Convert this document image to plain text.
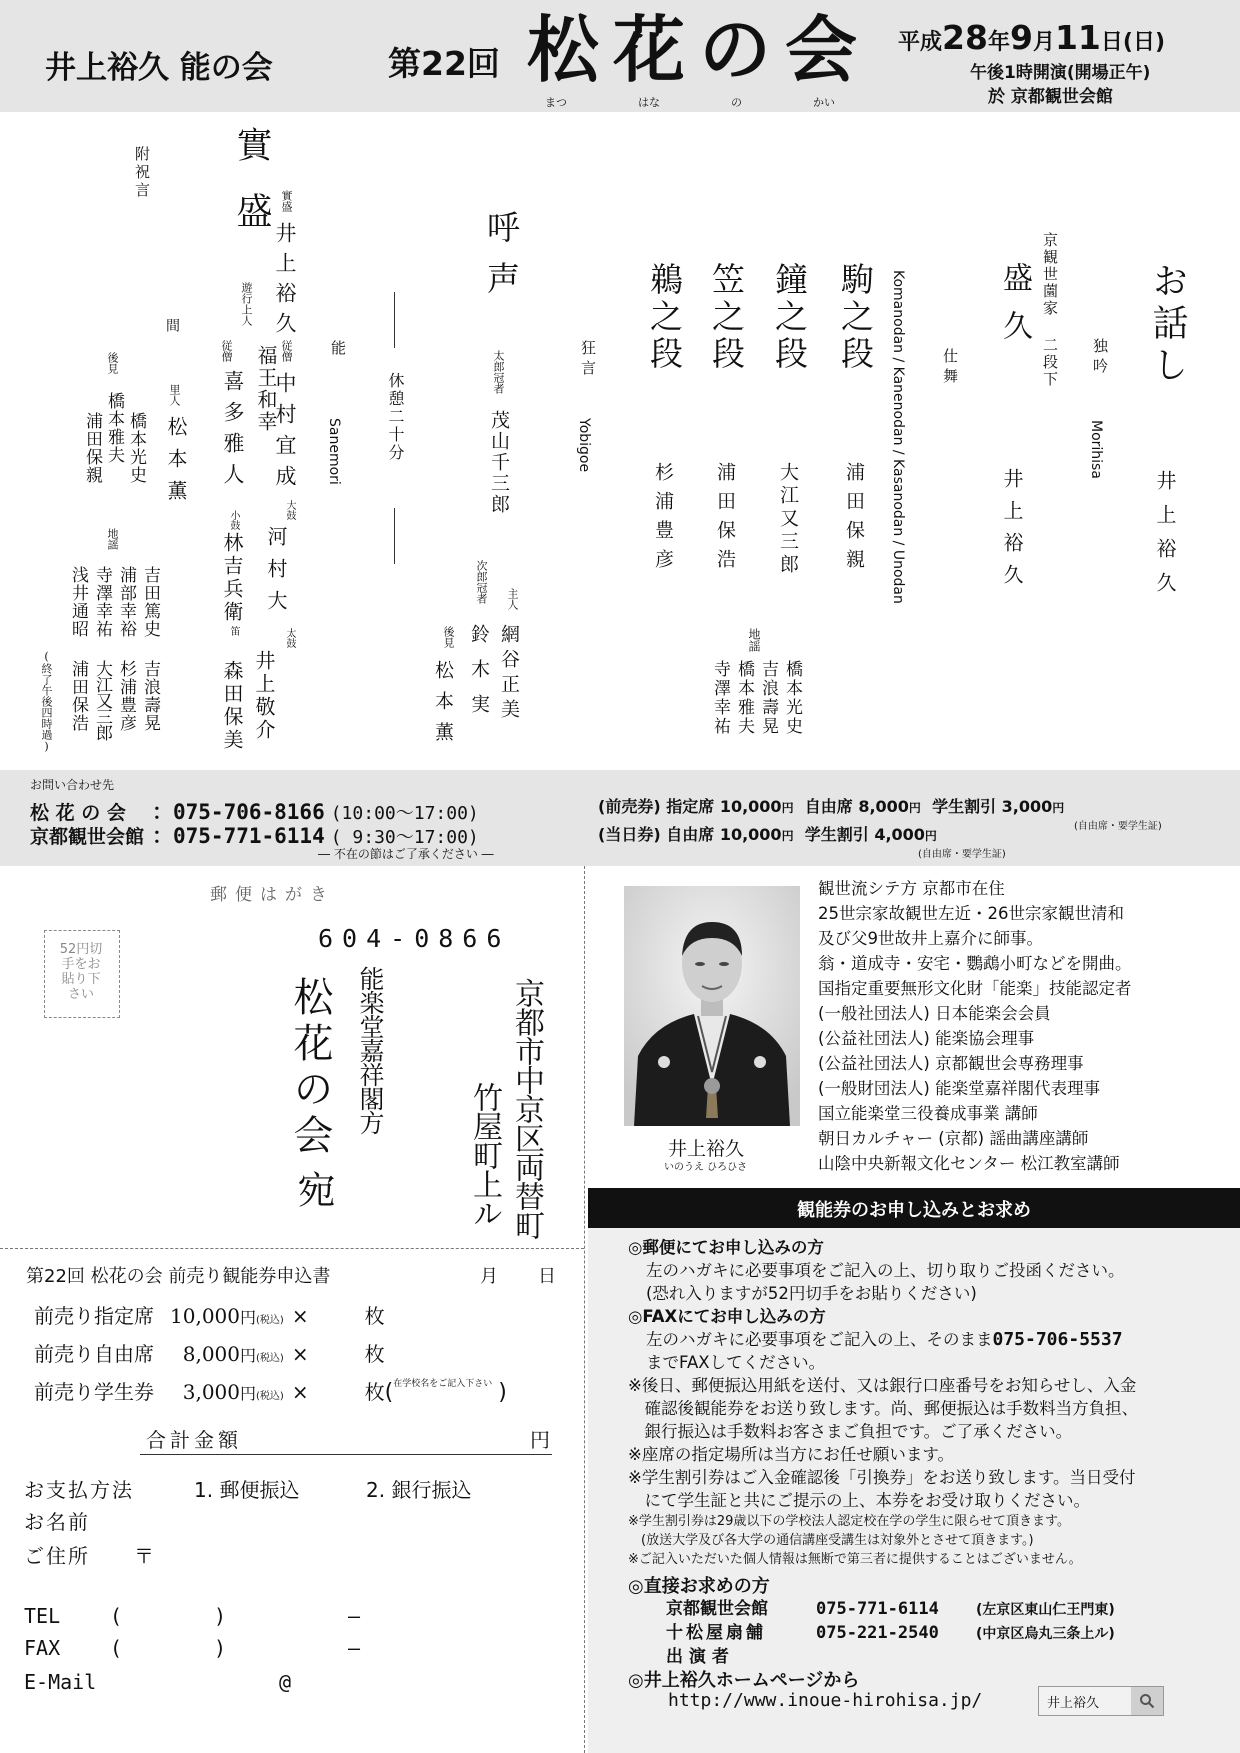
井上裕久 能の会	第22回 松花の会
まつ	はな	の	かい
平成28年9月11日(日)
午後1時開演(開場正午)
於 京都観世会館
お話し
井上裕久
独吟
Morihisa
京観世薗家 二段下
盛久
井上裕久
仕舞
Komanodan / Kanenodan / Kasanodan / Unodan
駒之段
浦田保親
鐘之段
大江又三郎
笠之段
浦田保浩
鵜之段
杉浦豊彦
地謡
橋本光史
吉浪壽晃
橋本雅夫
寺澤幸祐
狂言
Yobigoe
呼声
太郎冠者
茂山千三郎
主人
網谷正美
次郎冠者
鈴木実
後見
松本薫
休憩二十分
能
Sanemori
實盛 實盛
井上裕久
遊行上人
福王和幸 従僧
中村宜成
従僧
喜多雅人
大鼓
河村大
小鼓
林吉兵衛
太鼓
井上敬介
笛
森田保美
附祝言
間
里人
松本薫
後見
橋本光史
橋本雅夫
浦田保親
地謡
吉田篤史
吉浪壽晃
浦部幸裕
杉浦豊彦
寺澤幸祐
大江又三郎
浅井通昭
浦田保浩
(終了午後四時過)
お問い合わせ先
松 花 の 会 ：075-706-8166 (10:00～17:00)
京都観世会館 ：075-771-6114 ( 9:30～17:00)
― 不在の節はご了承ください ―
(前売券) 指定席 10,000円 自由席 8,000円 学生割引 3,000円
(自由席・要学生証)
(当日券) 自由席 10,000円 学生割引 4,000円
(自由席・要学生証)
郵便はがき
52円切手をお貼り下さい
604-0866
京都市中京区両替町
竹屋町上ル
能楽堂嘉祥閣方
松花の会
宛
第22回 松花の会 前売り観能券申込書	月 日
前売り指定席 10,000円(税込) ×	枚
前売り自由席 8,000円(税込) ×	枚
前売り学生券 3,000円(税込) ×	枚($^{在学校名をご記入下さい}$ )
合計金額	円
お支払方法	1. 郵便振込	2. 銀行振込
お名前
ご住所 〒
TEL (	)	―
FAX (	)	―
E-Mail	@
井上裕久
いのうえ ひろひさ
観世流シテ方 京都市在住
25世宗家故観世左近・26世宗家観世清和
及び父9世故井上嘉介に師事。
翁・道成寺・安宅・鸚鵡小町などを開曲。
国指定重要無形文化財「能楽」技能認定者
(一般社団法人) 日本能楽会会員
(公益社団法人) 能楽協会理事
(公益社団法人) 京都観世会専務理事
(一般財団法人) 能楽堂嘉祥閣代表理事
国立能楽堂三役養成事業 講師
朝日カルチャー (京都) 謡曲講座講師
山陰中央新報文化センター 松江教室講師
観能券のお申し込みとお求め
◎郵便にてお申し込みの方
左のハガキに必要事項をご記入の上、切り取りご投函ください。
(恐れ入りますが52円切手をお貼りください)
◎FAXにてお申し込みの方
左のハガキに必要事項をご記入の上、そのまま075-706-5537
までFAXしてください。
※後日、郵便振込用紙を送付、又は銀行口座番号をお知らせし、入金
　確認後観能券をお送り致します。尚、郵便振込は手数料当方負担、
　銀行振込は手数料お客さまご負担です。ご了承ください。
※座席の指定場所は当方にお任せ願います。
※学生割引券はご入金確認後「引換券」をお送り致します。当日受付
　にて学生証と共にご提示の上、本券をお受け取りください。
※学生割引券は29歳以下の学校法人認定校在学の学生に限らせて頂きます。
　(放送大学及び各大学の通信講座受講生は対象外とさせて頂きます。)
※ご記入いただいた個人情報は無断で第三者に提供することはございません。
◎直接お求めの方
京都観世会館	075-771-6114	(左京区東山仁王門東)
十松屋扇舗	075-221-2540	(中京区烏丸三条上ル)
出 演 者
◎井上裕久ホームページから
http://www.inoue-hirohisa.jp/	井上裕久
